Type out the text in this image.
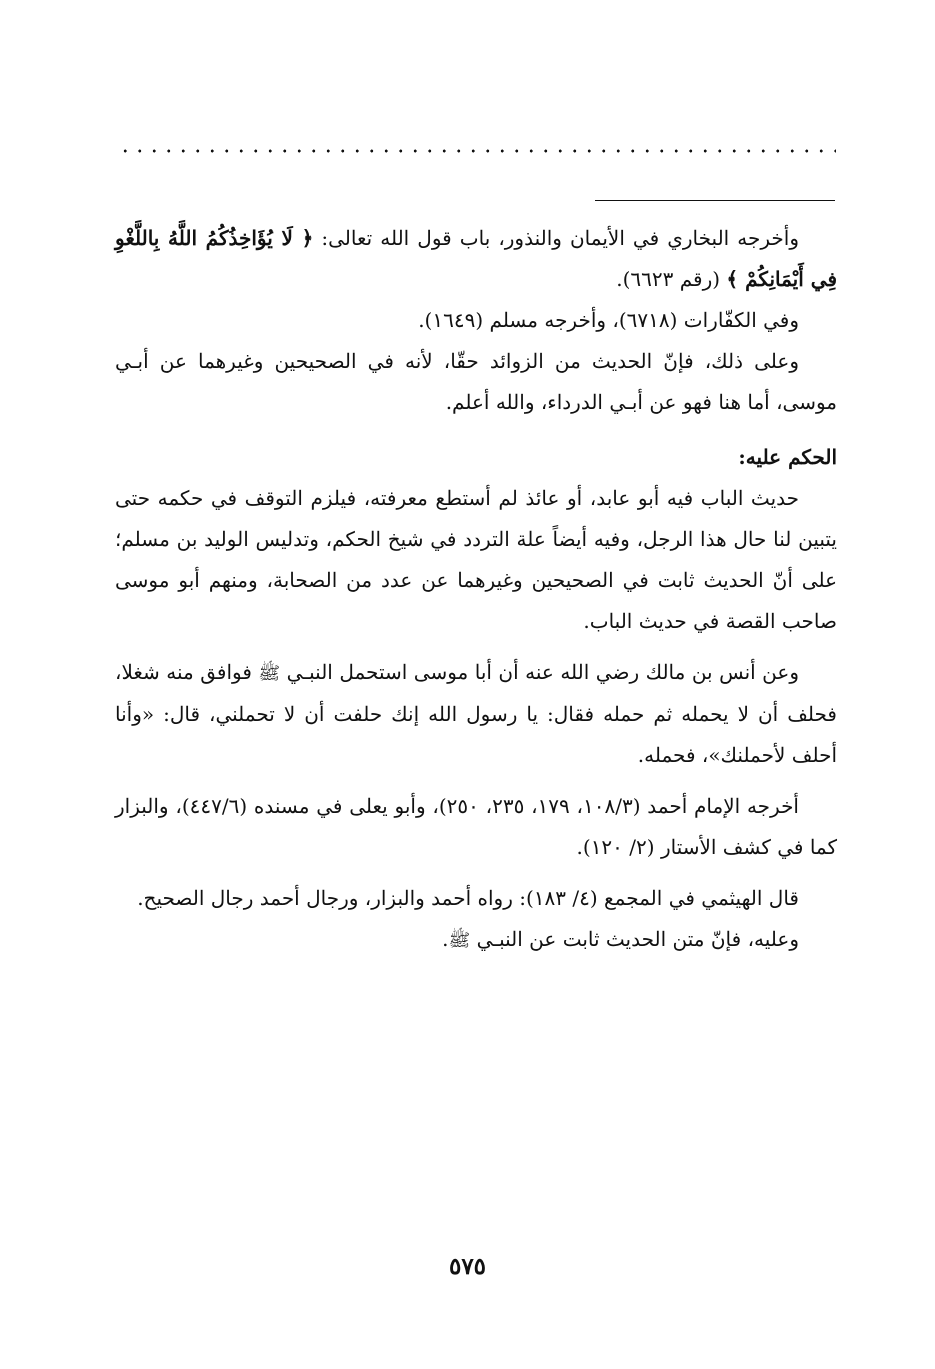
وأخرجه البخاري في الأيمان والنذور، باب قول الله تعالى: ﴿ لَا يُؤَاخِذُكُمُ اللَّهُ بِاللَّغْوِ فِي أَيْمَانِكُمْ ﴾ (رقم ٦٦٢٣).

وفي الكفّارات (٦٧١٨)، وأخرجه مسلم (١٦٤٩).

وعلى ذلك، فإنّ الحديث من الزوائد حقّا، لأنه في الصحيحين وغيرهما عن أبـي موسى، أما هنا فهو عن أبـي الدرداء، والله أعلم.

الحكم عليه:

حديث الباب فيه أبو عابد، أو عائذ لم أستطع معرفته، فيلزم التوقف في حكمه حتى يتبين لنا حال هذا الرجل، وفيه أيضاً علة التردد في شيخ الحكم، وتدليس الوليد بن مسلم؛ على أنّ الحديث ثابت في الصحيحين وغيرهما عن عدد من الصحابة، ومنهم أبو موسى صاحب القصة في حديث الباب.

وعن أنس بن مالك رضي الله عنه أن أبا موسى استحمل النبـي ﷺ فوافق منه شغلا، فحلف أن لا يحمله ثم حمله فقال: يا رسول الله إنك حلفت أن لا تحملني، قال: «وأنا أحلف لأحملنك»، فحمله.

أخرجه الإمام أحمد (١٠٨/٣، ١٧٩، ٢٣٥، ٢٥٠)، وأبو يعلى في مسنده (٤٤٧/٦)، والبزار كما في كشف الأستار (٢/ ١٢٠).

قال الهيثمي في المجمع (٤/ ١٨٣): رواه أحمد والبزار، ورجال أحمد رجال الصحيح.

وعليه، فإنّ متن الحديث ثابت عن النبـي ﷺ.

٥٧٥
